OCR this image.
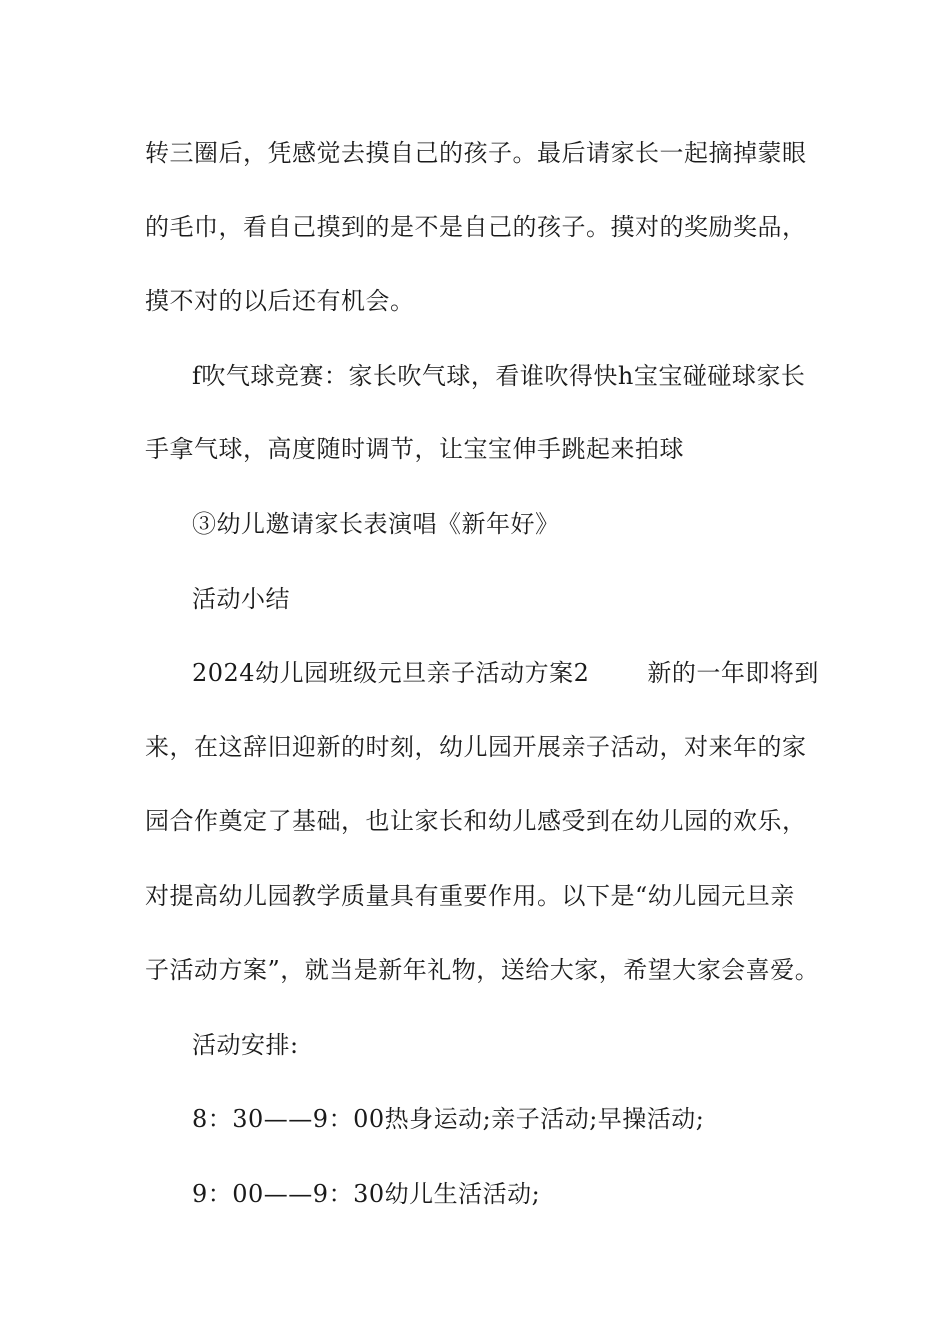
转三圈后，凭感觉去摸自己的孩子。最后请家长一起摘掉蒙眼
的毛巾，看自己摸到的是不是自己的孩子。摸对的奖励奖品，
摸不对的以后还有机会。
f吹气球竞赛：家长吹气球，看谁吹得快h宝宝碰碰球家长
手拿气球，高度随时调节，让宝宝伸手跳起来拍球
③幼儿邀请家长表演唱《新年好》
活动小结
2024幼儿园班级元旦亲子活动方案2 新的一年即将到
来，在这辞旧迎新的时刻，幼儿园开展亲子活动，对来年的家
园合作奠定了基础，也让家长和幼儿感受到在幼儿园的欢乐，
对提高幼儿园教学质量具有重要作用。以下是“幼儿园元旦亲
子活动方案”，就当是新年礼物，送给大家，希望大家会喜爱。
活动安排:
8：30——9：00热身运动;亲子活动;早操活动;
9：00——9：30幼儿生活活动;
